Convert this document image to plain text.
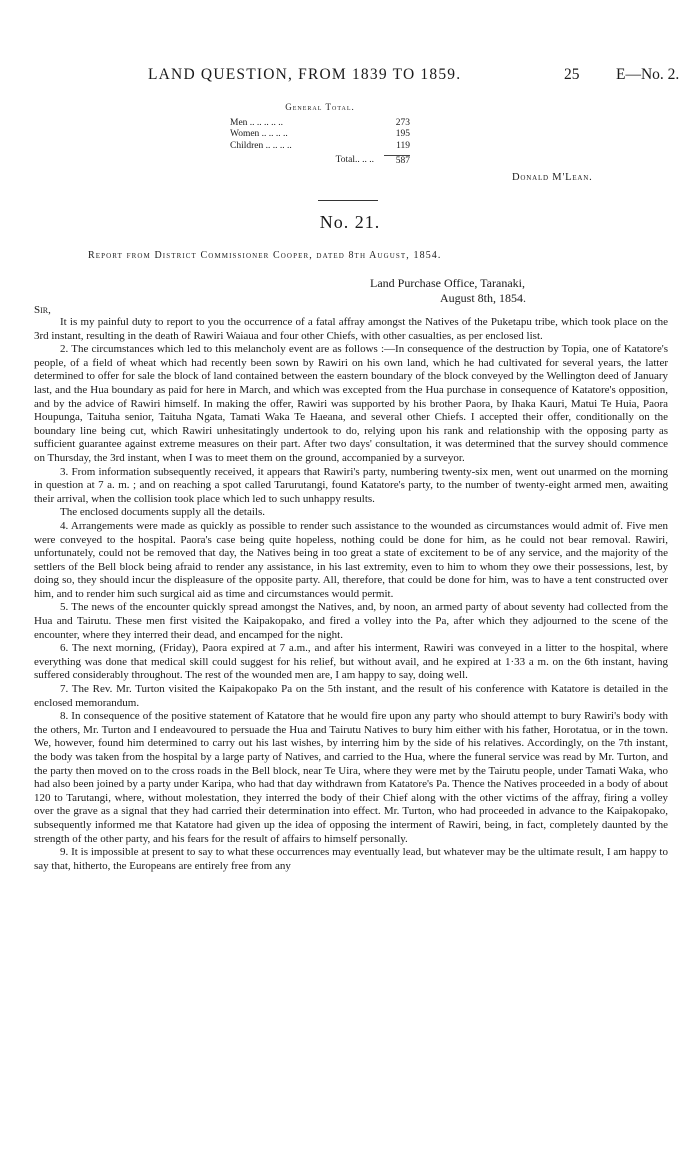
LAND QUESTION, FROM 1839 TO 1859.	25 E—No. 2.
General Total.
Men .. .. .. .. ..	273
Women .. .. .. ..	195
Children .. .. .. ..	119
Total.. .. ..	587
Donald M'Lean.
No. 21.
Report from District Commissioner Cooper, dated 8th August, 1854.
Land Purchase Office, Taranaki,
August 8th, 1854.
Sir,

It is my painful duty to report to you the occurrence of a fatal affray amongst the Natives of the Puketapu tribe, which took place on the 3rd instant, resulting in the death of Rawiri Waiaua and four other Chiefs, with other casualties, as per enclosed list.

2. The circumstances which led to this melancholy event are as follows :—In consequence of the destruction by Topia, one of Katatore's people, of a field of wheat which had recently been sown by Rawiri on his own land, which he had cultivated for several years, the latter determined to offer for sale the block of land contained between the eastern boundary of the block conveyed by the Wellington deed of January last, and the Hua boundary as paid for here in March, and which was excepted from the Hua purchase in consequence of Katatore's opposition, and by the advice of Rawiri himself. In making the offer, Rawiri was supported by his brother Paora, by Ihaka Kauri, Matui Te Huia, Paora Houpunga, Taituha senior, Taituha Ngata, Tamati Waka Te Haeana, and several other Chiefs. I accepted their offer, conditionally on the boundary line being cut, which Rawiri unhesitatingly undertook to do, relying upon his rank and relationship with the opposing party as sufficient guarantee against extreme measures on their part. After two days' consultation, it was determined that the survey should commence on Thursday, the 3rd instant, when I was to meet them on the ground, accompanied by a surveyor.

3. From information subsequently received, it appears that Rawiri's party, numbering twenty-six men, went out unarmed on the morning in question at 7 a. m. ; and on reaching a spot called Tarurutangi, found Katatore's party, to the number of twenty-eight armed men, awaiting their arrival, when the collision took place which led to such unhappy results.

The enclosed documents supply all the details.

4. Arrangements were made as quickly as possible to render such assistance to the wounded as circumstances would admit of. Five men were conveyed to the hospital. Paora's case being quite hopeless, nothing could be done for him, as he could not bear removal. Rawiri, unfortunately, could not be removed that day, the Natives being in too great a state of excitement to be of any service, and the majority of the settlers of the Bell block being afraid to render any assistance, in his last extremity, even to him to whom they owe their possessions, lest, by doing so, they should incur the displeasure of the opposite party. All, therefore, that could be done for him, was to have a tent constructed over him, and to render him such surgical aid as time and circumstances would permit.

5. The news of the encounter quickly spread amongst the Natives, and, by noon, an armed party of about seventy had collected from the Hua and Tairutu. These men first visited the Kaipakopako, and fired a volley into the Pa, after which they adjourned to the scene of the encounter, where they interred their dead, and encamped for the night.

6. The next morning, (Friday), Paora expired at 7 a.m., and after his interment, Rawiri was conveyed in a litter to the hospital, where everything was done that medical skill could suggest for his relief, but without avail, and he expired at 1·33 a m. on the 6th instant, having suffered considerably throughout. The rest of the wounded men are, I am happy to say, doing well.

7. The Rev. Mr. Turton visited the Kaipakopako Pa on the 5th instant, and the result of his conference with Katatore is detailed in the enclosed memorandum.

8. In consequence of the positive statement of Katatore that he would fire upon any party who should attempt to bury Rawiri's body with the others, Mr. Turton and I endeavoured to persuade the Hua and Tairutu Natives to bury him either with his father, Horotatua, or in the town. We, however, found him determined to carry out his last wishes, by interring him by the side of his relatives. Accordingly, on the 7th instant, the body was taken from the hospital by a large party of Natives, and carried to the Hua, where the funeral service was read by Mr. Turton, and the party then moved on to the cross roads in the Bell block, near Te Uira, where they were met by the Tairutu people, under Tamati Waka, who had also been joined by a party under Karipa, who had that day withdrawn from Katatore's Pa. Thence the Natives proceeded in a body of about 120 to Tarutangi, where, without molestation, they interred the body of their Chief along with the other victims of the affray, firing a volley over the grave as a signal that they had carried their determination into effect. Mr. Turton, who had proceeded in advance to the Kaipakopako, subsequently informed me that Katatore had given up the idea of opposing the interment of Rawiri, being, in fact, completely daunted by the strength of the other party, and his fears for the result of affairs to himself personally.

9. It is impossible at present to say to what these occurrences may eventually lead, but whatever may be the ultimate result, I am happy to say that, hitherto, the Europeans are entirely free from any
